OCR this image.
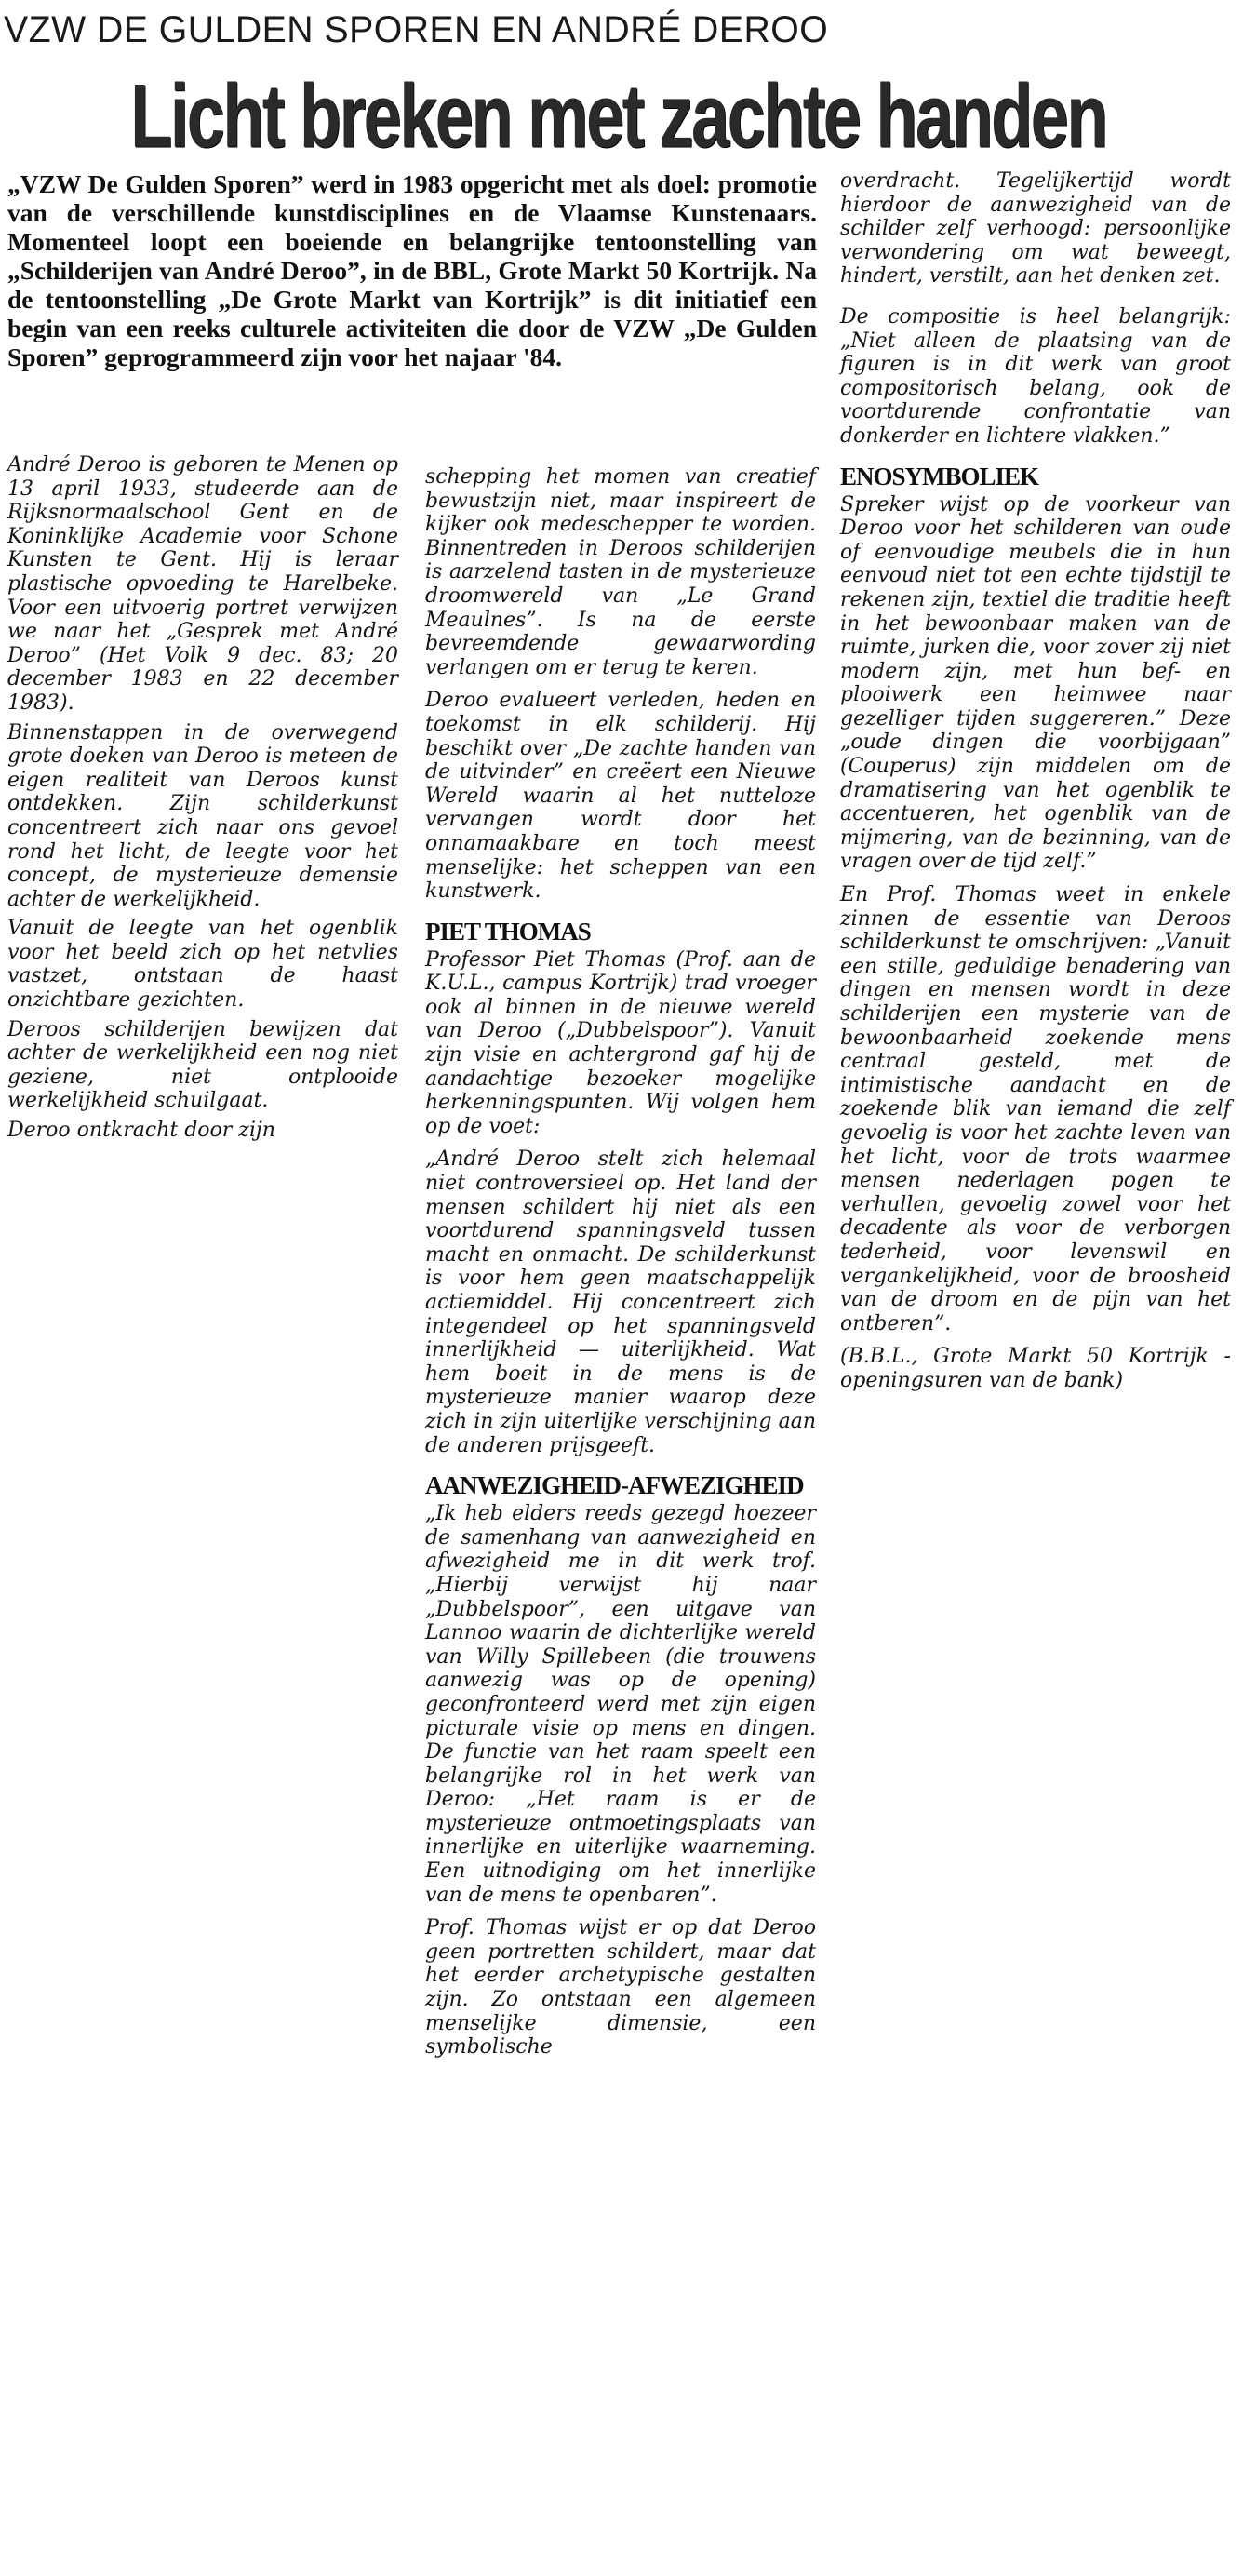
VZW DE GULDEN SPOREN EN ANDRÉ DEROO
Licht breken met zachte handen
„VZW De Gulden Sporen” werd in 1983 opgericht met als doel: promotie van de verschillende kunstdisciplines en de Vlaamse Kunstenaars. Momenteel loopt een boeiende en belangrijke tentoonstelling van „Schilderijen van André Deroo”, in de BBL, Grote Markt 50 Kortrijk. Na de tentoonstelling „De Grote Markt van Kortrijk” is dit initiatief een begin van een reeks culturele activiteiten die door de VZW „De Gulden Sporen” geprogrammeerd zijn voor het najaar '84.

André Deroo is geboren te Menen op 13 april 1933, studeerde aan de Rijksnormaalschool Gent en de Koninklijke Academie voor Schone Kunsten te Gent. Hij is leraar plastische opvoeding te Harelbeke. Voor een uitvoerig portret verwijzen we naar het „Gesprek met André Deroo” (Het Volk 9 dec. 83; 20 december 1983 en 22 december 1983).

Binnenstappen in de overwegend grote doeken van Deroo is meteen de eigen realiteit van Deroos kunst ontdekken. Zijn schilderkunst concentreert zich naar ons gevoel rond het licht, de leegte voor het concept, de mysterieuze demensie achter de werkelijkheid.

Vanuit de leegte van het ogenblik voor het beeld zich op het netvlies vastzet, ontstaan de haast onzichtbare gezichten.

Deroos schilderijen bewijzen dat achter de werkelijkheid een nog niet geziene, niet ontplooide werkelijkheid schuilgaat.

Deroo ontkracht door zijn

schepping het momen van creatief bewustzijn niet, maar inspireert de kijker ook medeschepper te worden. Binnentreden in Deroos schilderijen is aarzelend tasten in de mysterieuze droomwereld van „Le Grand Meaulnes”. Is na de eerste bevreemdende gewaarwording verlangen om er terug te keren.

Deroo evalueert verleden, heden en toekomst in elk schilderij. Hij beschikt over „De zachte handen van de uitvinder” en creëert een Nieuwe Wereld waarin al het nutteloze vervangen wordt door het onnamaakbare en toch meest menselijke: het scheppen van een kunstwerk.

PIET THOMAS

Professor Piet Thomas (Prof. aan de K.U.L., campus Kortrijk) trad vroeger ook al binnen in de nieuwe wereld van Deroo („Dubbelspoor”). Vanuit zijn visie en achtergrond gaf hij de aandachtige bezoeker mogelijke herkenningspunten. Wij volgen hem op de voet:

„André Deroo stelt zich helemaal niet controversieel op. Het land der mensen schildert hij niet als een voortdurend spanningsveld tussen macht en onmacht. De schilderkunst is voor hem geen maatschappelijk actiemiddel. Hij concentreert zich integendeel op het spanningsveld innerlijkheid — uiterlijkheid. Wat hem boeit in de mens is de mysterieuze manier waarop deze zich in zijn uiterlijke verschijning aan de anderen prijsgeeft.

AANWEZIGHEID-AFWEZIGHEID

„Ik heb elders reeds gezegd hoezeer de samenhang van aanwezigheid en afwezigheid me in dit werk trof. „Hierbij verwijst hij naar „Dubbelspoor”, een uitgave van Lannoo waarin de dichterlijke wereld van Willy Spillebeen (die trouwens aanwezig was op de opening) geconfronteerd werd met zijn eigen picturale visie op mens en dingen. De functie van het raam speelt een belangrijke rol in het werk van Deroo: „Het raam is er de mysterieuze ontmoetingsplaats van innerlijke en uiterlijke waarneming. Een uitnodiging om het innerlijke van de mens te openbaren”.

Prof. Thomas wijst er op dat Deroo geen portretten schildert, maar dat het eerder archetypische gestalten zijn. Zo ontstaan een algemeen menselijke dimensie, een symbolische

overdracht. Tegelijkertijd wordt hierdoor de aanwezigheid van de schilder zelf verhoogd: persoonlijke verwondering om wat beweegt, hindert, verstilt, aan het denken zet.

De compositie is heel belangrijk: „Niet alleen de plaatsing van de figuren is in dit werk van groot compositorisch belang, ook de voortdurende confrontatie van donkerder en lichtere vlakken.”

ENOSYMBOLIEK

Spreker wijst op de voorkeur van Deroo voor het schilderen van oude of eenvoudige meubels die in hun eenvoud niet tot een echte tijdstijl te rekenen zijn, textiel die traditie heeft in het bewoonbaar maken van de ruimte, jurken die, voor zover zij niet modern zijn, met hun bef- en plooiwerk een heimwee naar gezelliger tijden suggereren.” Deze „oude dingen die voorbijgaan” (Couperus) zijn middelen om de dramatisering van het ogenblik te accentueren, het ogenblik van de mijmering, van de bezinning, van de vragen over de tijd zelf.”

En Prof. Thomas weet in enkele zinnen de essentie van Deroos schilderkunst te omschrijven: „Vanuit een stille, geduldige benadering van dingen en mensen wordt in deze schilderijen een mysterie van de bewoonbaarheid zoekende mens centraal gesteld, met de intimistische aandacht en de zoekende blik van iemand die zelf gevoelig is voor het zachte leven van het licht, voor de trots waarmee mensen nederlagen pogen te verhullen, gevoelig zowel voor het decadente als voor de verborgen tederheid, voor levenswil en vergankelijkheid, voor de broosheid van de droom en de pijn van het ontberen”.

(B.B.L., Grote Markt 50 Kortrijk - openingsuren van de bank)
